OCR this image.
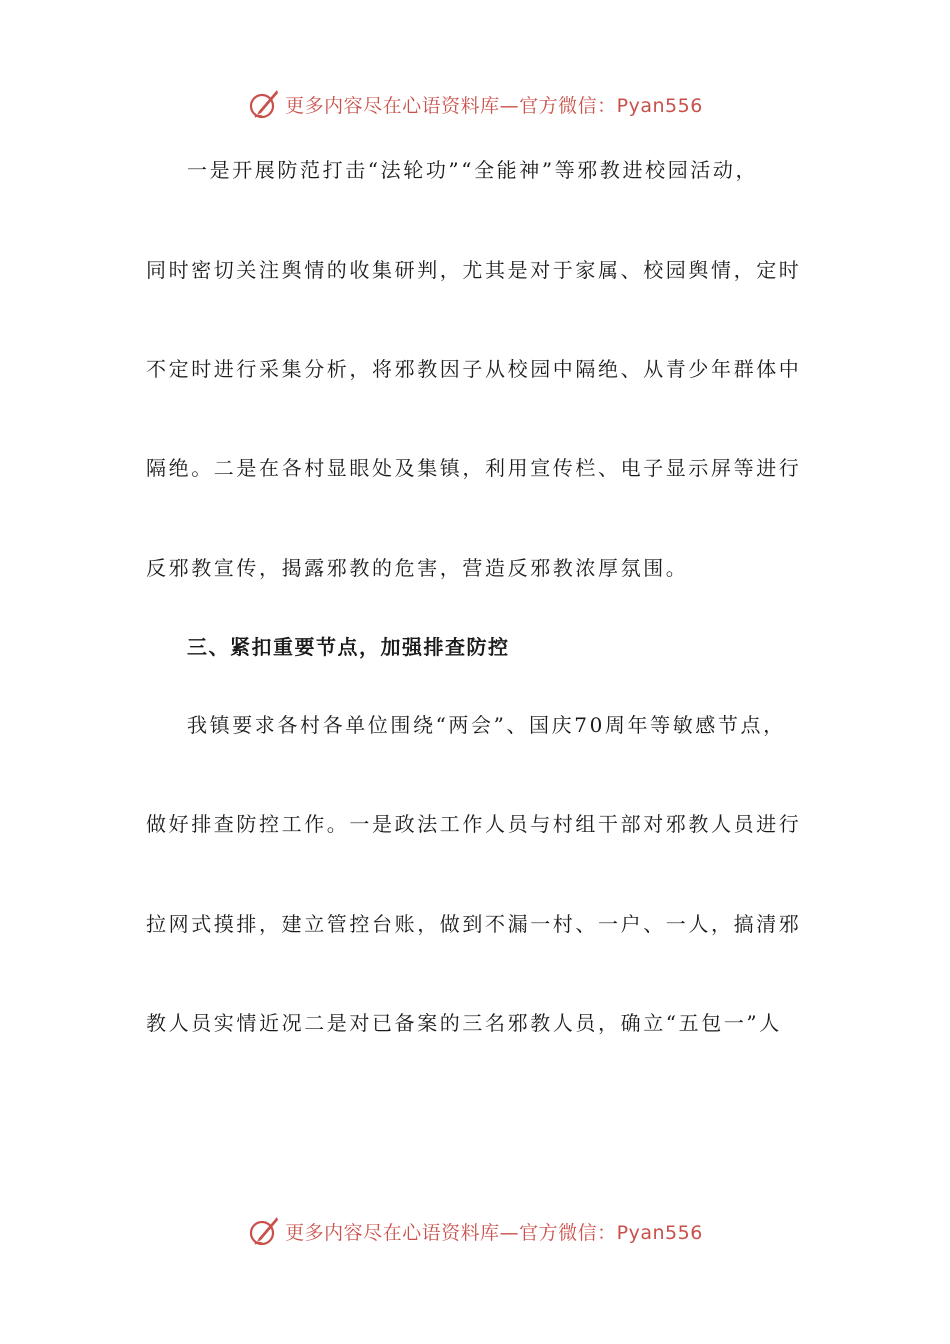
更多内容尽在心语资料库—官方微信：Pyan556
一是开展防范打击“法轮功”“全能神”等邪教进校园活动，
同时密切关注舆情的收集研判，尤其是对于家属、校园舆情，定时
不定时进行采集分析，将邪教因子从校园中隔绝、从青少年群体中
隔绝。二是在各村显眼处及集镇，利用宣传栏、电子显示屏等进行
反邪教宣传，揭露邪教的危害，营造反邪教浓厚氛围。
三、紧扣重要节点，加强排查防控
我镇要求各村各单位围绕“两会”、国庆70周年等敏感节点，
做好排查防控工作。一是政法工作人员与村组干部对邪教人员进行
拉网式摸排，建立管控台账，做到不漏一村、一户、一人，搞清邪
教人员实情近况二是对已备案的三名邪教人员，确立“五包一”人
更多内容尽在心语资料库—官方微信：Pyan556
